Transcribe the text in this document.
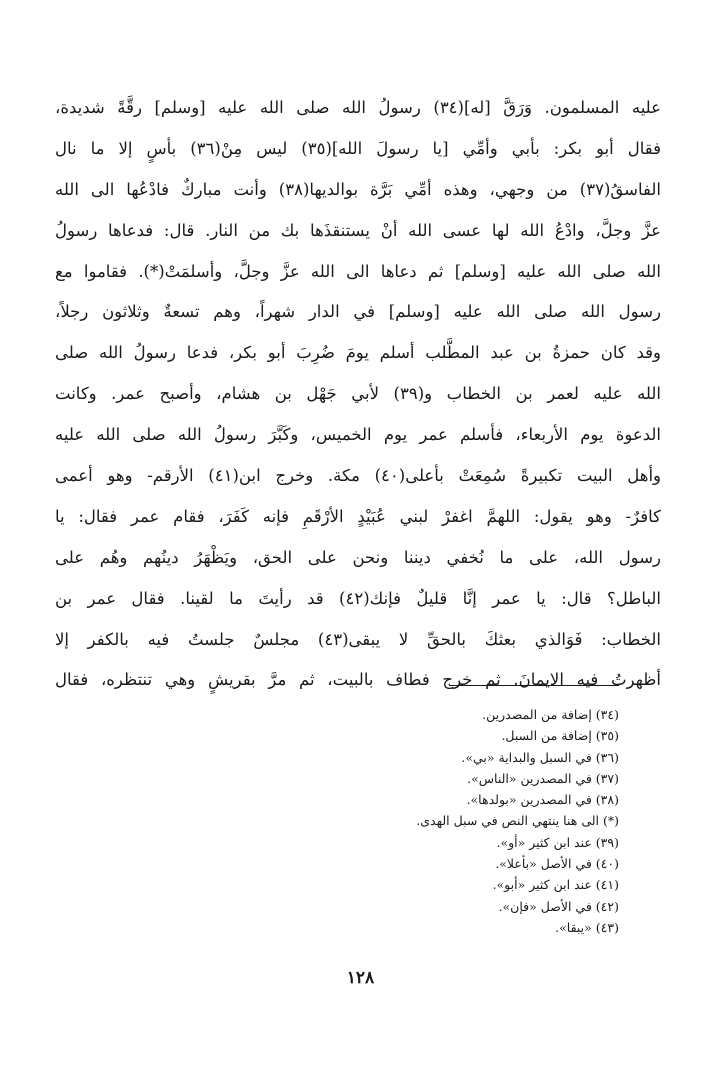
عليه المسلمون. وَرَقَّ [له](٣٤) رسولُ الله صلى الله عليه [وسلم] رقَّةً شديدة،
فقال أبو بكر: بأبي وأمِّي [يا رسولَ الله](٣٥) ليس مِنْ(٣٦) بأسٍ إلا ما نال
الفاسقُ(٣٧) من وجهي، وهذه أمِّي بَرَّة بوالديها(٣٨) وأنت مباركٌ فادْعُها الى الله
عزَّ وجلَّ، وادْعُ الله لها عسى الله أنْ يستنقذَها بك من النار. قال: فدعاها رسولُ
الله صلى الله عليه [وسلم] ثم دعاها الى الله عزَّ وجلَّ، وأسلمَتْ(*). فقاموا مع
رسول الله صلى الله عليه [وسلم] في الدار شهراً، وهم تسعةٌ وثلاثون رجلاً،
وقد كان حمزةُ بن عبد المطَّلب أسلم يومَ ضُرِبَ أبو بكر، فدعا رسولُ الله صلى
الله عليه لعمر بن الخطاب و(٣٩) لأبي جَهْل بن هشام، وأصبح عمر. وكانت
الدعوة يوم الأربعاء، فأسلم عمر يوم الخميس، وكَبَّرَ رسولُ الله صلى الله عليه
وأهل البيت تكبيرةً سُمِعَتْ بأعلى(٤٠) مكة. وخرج ابن(٤١) الأرقم- وهو أعمى
كافرٌ- وهو يقول: اللهمَّ اغفرْ لبني عُبَيْدٍ الأرْقَمِ فإنه كَفَرَ، فقام عمر فقال: يا
رسول الله، على ما نُخفي ديننا ونحن على الحق، ويَظْهَرُ دينُهم وهُم على
الباطل؟ قال: يا عمر إنَّا قليلٌ فإنك(٤٢) قد رأيتَ ما لقينا. فقال عمر بن
الخطاب: فَوَالذي بعثكَ بالحقِّ لا يبقى(٤٣) مجلسٌ جلستُ فيه بالكفر إلا
أظهرتُ فيه الايمانَ. ثم خرج فطاف بالبيت، ثم مرَّ بقريشٍ وهي تنتظره، فقال
(٣٤) إضافة من المصدرين.
(٣٥) إضافة من السبل.
(٣٦) في السبل والبداية «بي».
(٣٧) في المصدرين «الناس».
(٣٨) في المصدرين «بولدها».
(*) الى هنا ينتهي النص في سبل الهدى.
(٣٩) عند ابن كثير «أو».
(٤٠) في الأصل «بأعلا».
(٤١) عند ابن كثير «أبو».
(٤٢) في الأصل «فإن».
(٤٣) «يبقا».
١٢٨
